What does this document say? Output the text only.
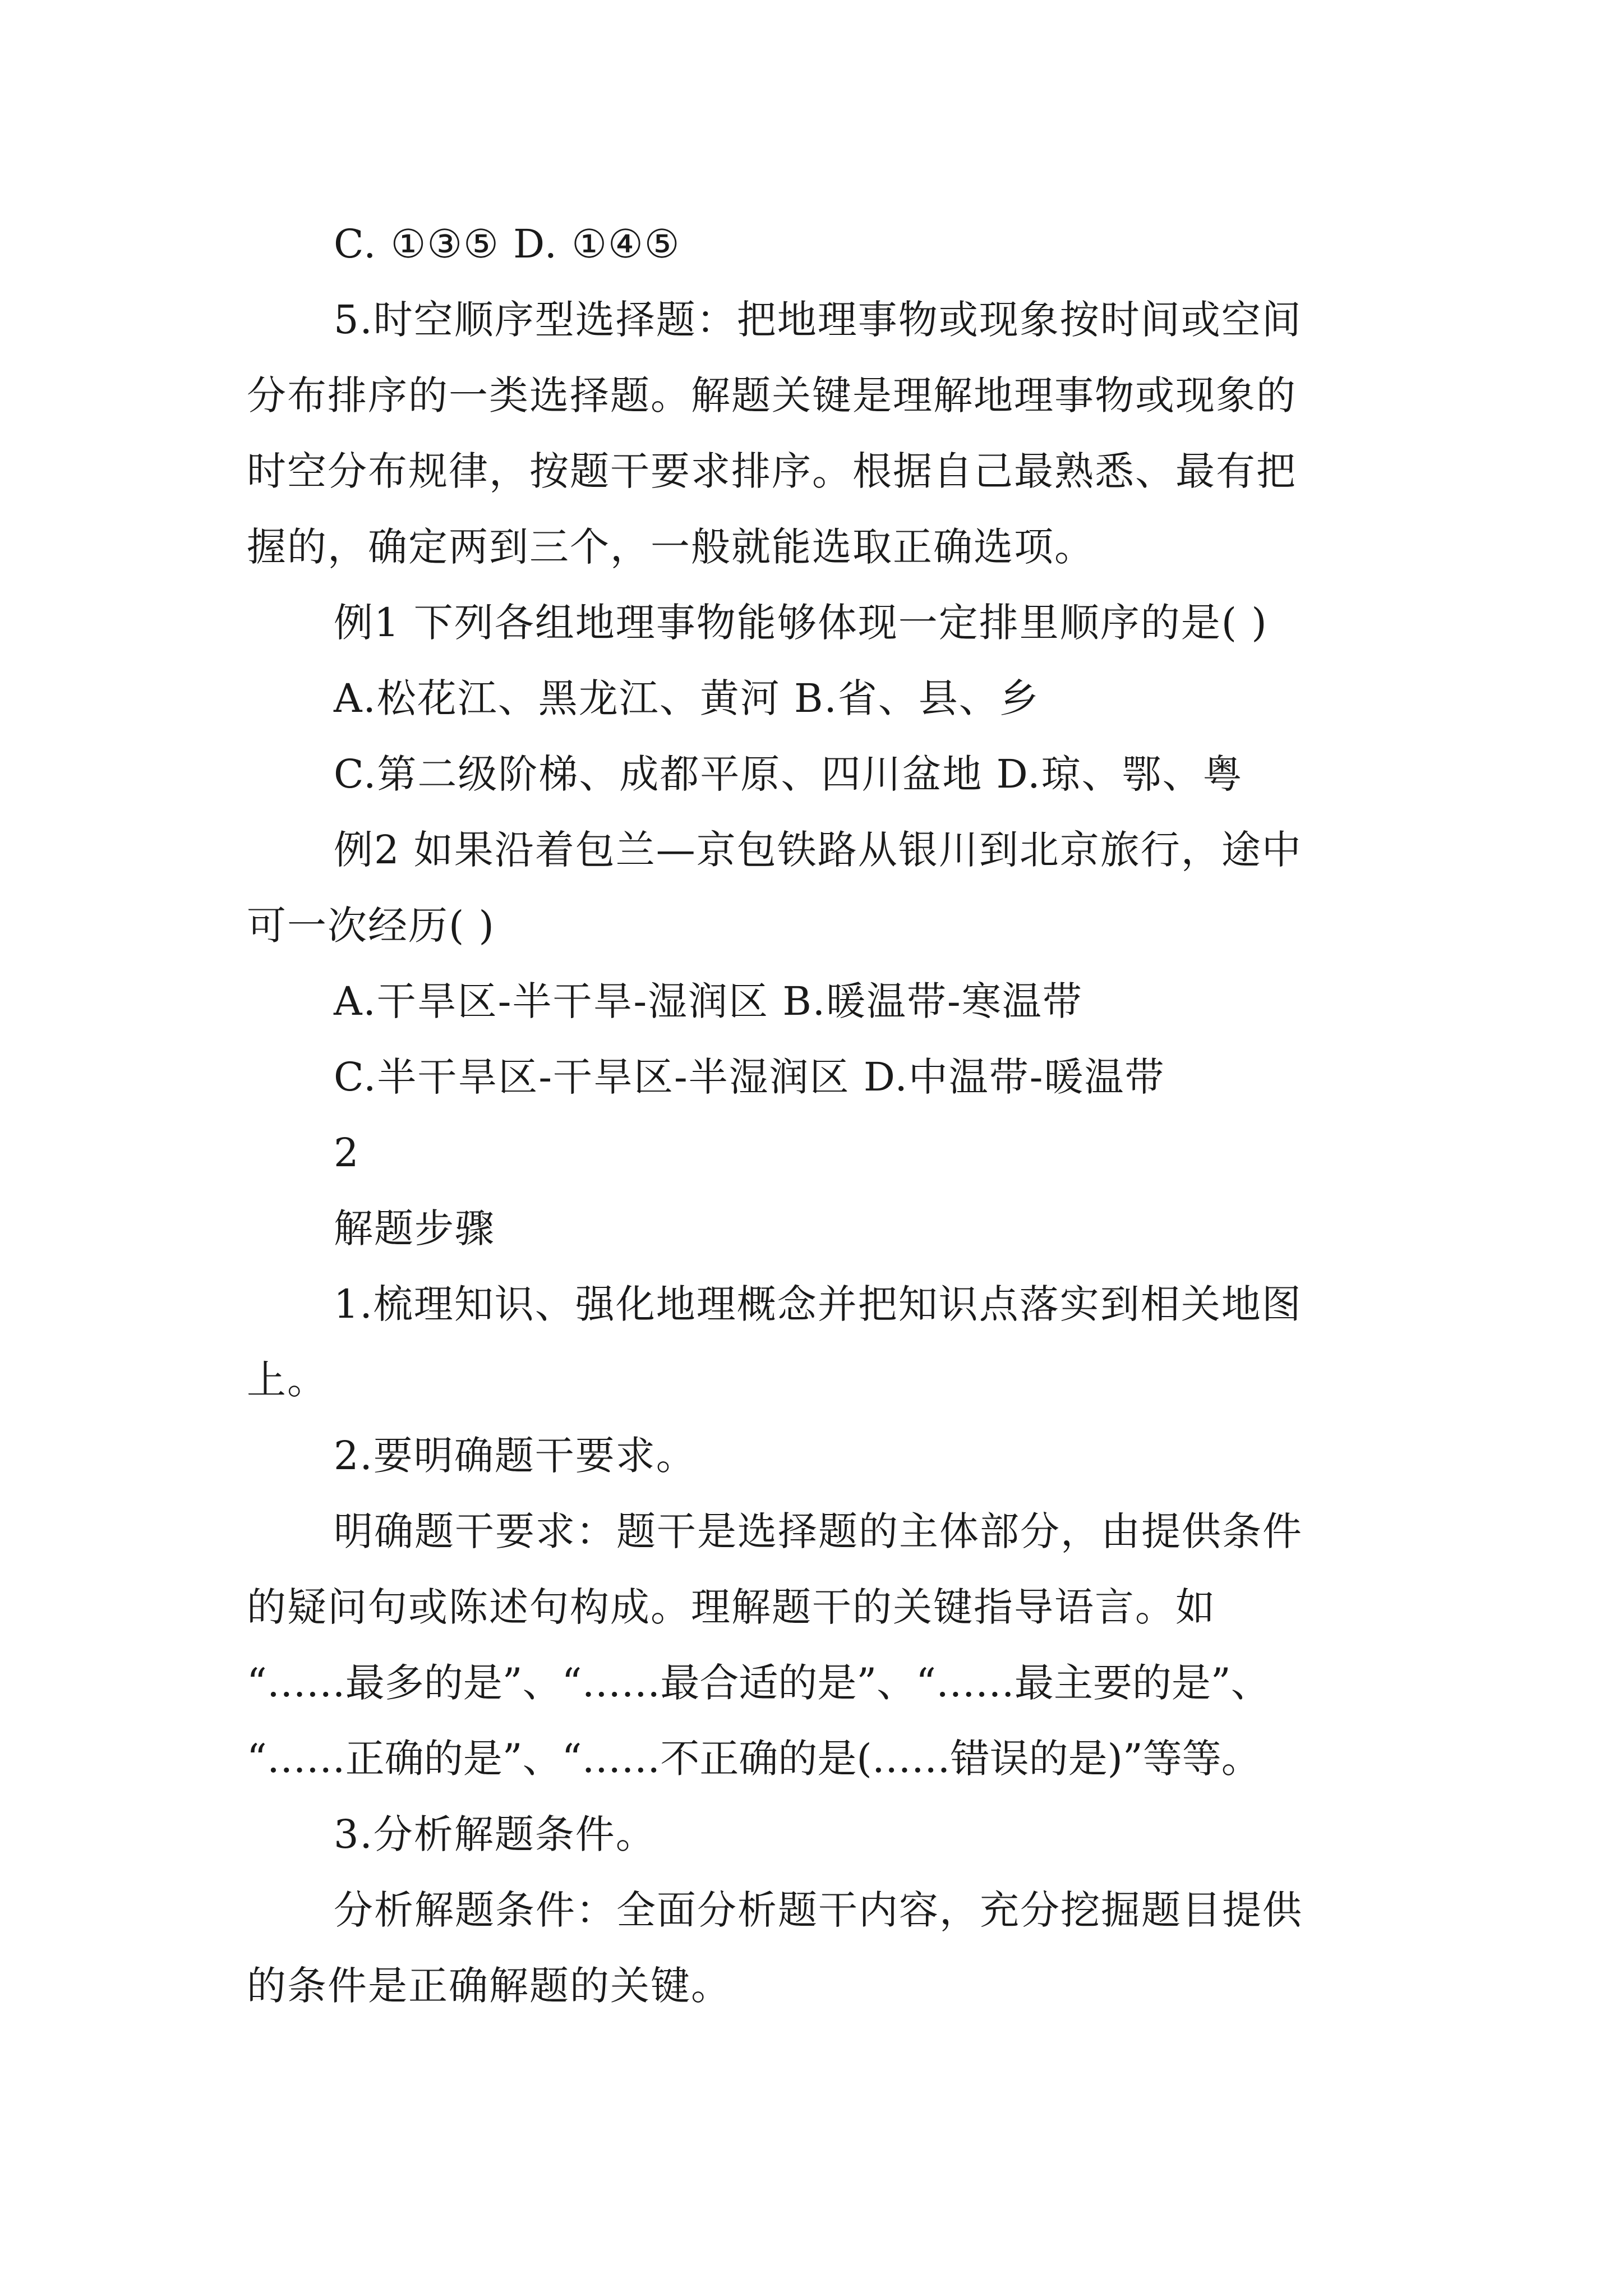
C. ①③⑤ D. ①④⑤
5.时空顺序型选择题：把地理事物或现象按时间或空间
分布排序的一类选择题。解题关键是理解地理事物或现象的
时空分布规律，按题干要求排序。根据自己最熟悉、最有把
握的，确定两到三个，一般就能选取正确选项。
例1 下列各组地理事物能够体现一定排里顺序的是( )
A.松花江、黑龙江、黄河 B.省、县、乡
C.第二级阶梯、成都平原、四川盆地 D.琼、鄂、粤
例2 如果沿着包兰—京包铁路从银川到北京旅行，途中
可一次经历( )
A.干旱区-半干旱-湿润区 B.暖温带-寒温带
C.半干旱区-干旱区-半湿润区 D.中温带-暖温带
2
解题步骤
1.梳理知识、强化地理概念并把知识点落实到相关地图
上。
2.要明确题干要求。
明确题干要求：题干是选择题的主体部分，由提供条件
的疑问句或陈述句构成。理解题干的关键指导语言。如
“……最多的是”、“……最合适的是”、“……最主要的是”、
“……正确的是”、“……不正确的是(……错误的是)”等等。
3.分析解题条件。
分析解题条件：全面分析题干内容，充分挖掘题目提供
的条件是正确解题的关键。
